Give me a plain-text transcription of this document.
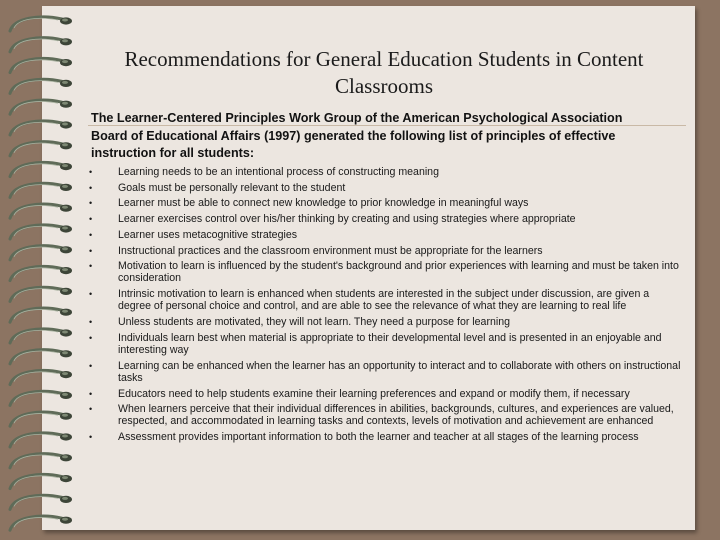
Recommendations for General Education Students in Content Classrooms
The Learner-Centered Principles Work Group of the American Psychological Association Board of Educational Affairs (1997) generated the following list of principles of effective instruction for all students:
• Learning needs to be an intentional process of constructing meaning
• Goals must be personally relevant to the student
• Learner must be able to connect new knowledge to prior knowledge in meaningful ways
• Learner exercises control over his/her thinking by creating and using strategies where appropriate
• Learner uses metacognitive strategies
• Instructional practices and the classroom environment must be appropriate for the learners
• Motivation to learn is influenced by the student's background and prior experiences with learning and must be taken into consideration
• Intrinsic motivation to learn is enhanced when students are interested in the subject under discussion, are given a degree of personal choice and control, and are able to see the relevance of what they are learning to real life
• Unless students are motivated, they will not learn. They need a purpose for learning
• Individuals learn best when material is appropriate to their developmental level and is presented in an enjoyable and interesting way
• Learning can be enhanced when the learner has an opportunity to interact and to collaborate with others on instructional tasks
• Educators need to help students examine their learning preferences and expand or modify them, if necessary
• When learners perceive that their individual differences in abilities, backgrounds, cultures, and experiences are valued, respected, and accommodated in learning tasks and contexts, levels of motivation and achievement are enhanced
• Assessment provides important information to both the learner and teacher at all stages of the learning process
